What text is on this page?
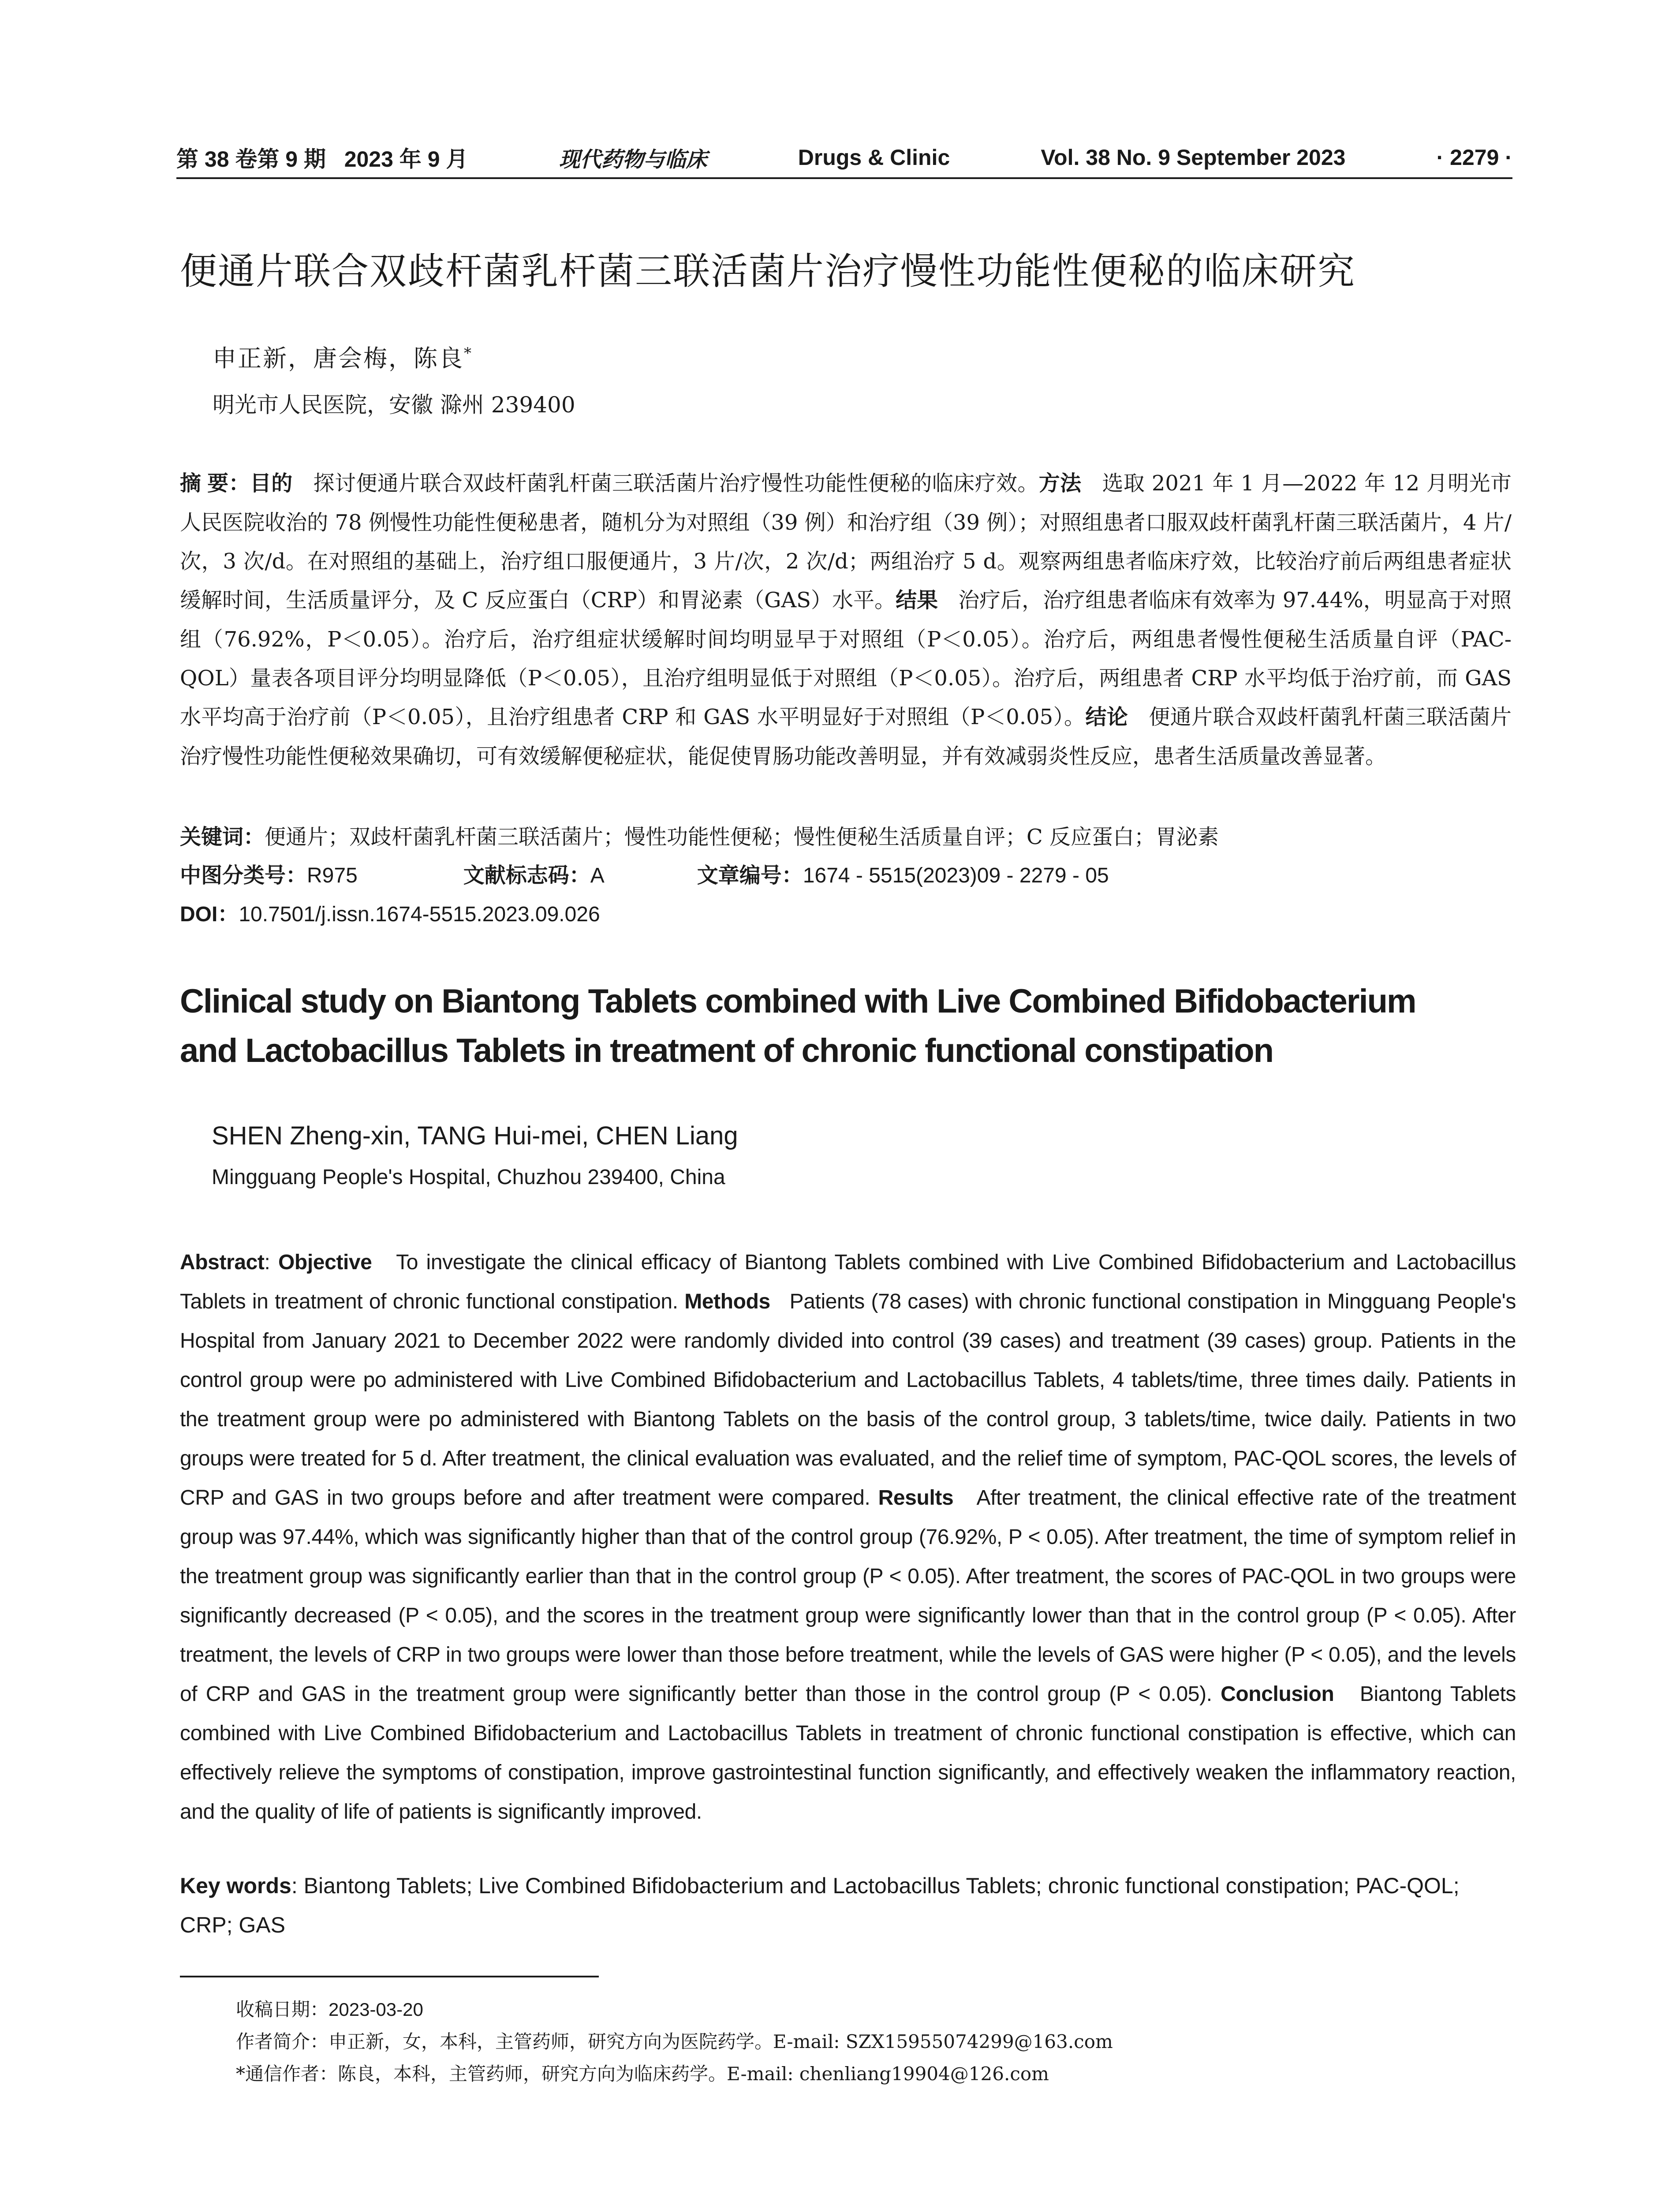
第 38 卷第 9 期 2023 年 9 月	现代药物与临床	Drugs & Clinic	Vol. 38 No. 9 September 2023	· 2279 ·
便通片联合双歧杆菌乳杆菌三联活菌片治疗慢性功能性便秘的临床研究
申正新，唐会梅，陈良*
明光市人民医院，安徽 滁州 239400

摘 要：目的 探讨便通片联合双歧杆菌乳杆菌三联活菌片治疗慢性功能性便秘的临床疗效。方法 选取 2021 年 1 月—2022 年 12 月明光市人民医院收治的 78 例慢性功能性便秘患者，随机分为对照组（39 例）和治疗组（39 例）；对照组患者口服双歧杆菌乳杆菌三联活菌片，4 片/次，3 次/d。在对照组的基础上，治疗组口服便通片，3 片/次，2 次/d；两组治疗 5 d。观察两组患者临床疗效，比较治疗前后两组患者症状缓解时间，生活质量评分，及 C 反应蛋白（CRP）和胃泌素（GAS）水平。结果 治疗后，治疗组患者临床有效率为 97.44%，明显高于对照组（76.92%，P＜0.05）。治疗后，治疗组症状缓解时间均明显早于对照组（P＜0.05）。治疗后，两组患者慢性便秘生活质量自评（PAC-QOL）量表各项目评分均明显降低（P＜0.05），且治疗组明显低于对照组（P＜0.05）。治疗后，两组患者 CRP 水平均低于治疗前，而 GAS 水平均高于治疗前（P＜0.05），且治疗组患者 CRP 和 GAS 水平明显好于对照组（P＜0.05）。结论 便通片联合双歧杆菌乳杆菌三联活菌片治疗慢性功能性便秘效果确切，可有效缓解便秘症状，能促使胃肠功能改善明显，并有效减弱炎性反应，患者生活质量改善显著。

关键词：便通片；双歧杆菌乳杆菌三联活菌片；慢性功能性便秘；慢性便秘生活质量自评；C 反应蛋白；胃泌素
中图分类号：R975	文献标志码：A	文章编号：1674 - 5515(2023)09 - 2279 - 05
DOI：10.7501/j.issn.1674-5515.2023.09.026
Clinical study on Biantong Tablets combined with Live Combined Bifidobacterium
and Lactobacillus Tablets in treatment of chronic functional constipation
SHEN Zheng-xin, TANG Hui-mei, CHEN Liang
Mingguang People's Hospital, Chuzhou 239400, China

Abstract: Objective To investigate the clinical efficacy of Biantong Tablets combined with Live Combined Bifidobacterium and Lactobacillus Tablets in treatment of chronic functional constipation. Methods Patients (78 cases) with chronic functional constipation in Mingguang People's Hospital from January 2021 to December 2022 were randomly divided into control (39 cases) and treatment (39 cases) group. Patients in the control group were po administered with Live Combined Bifidobacterium and Lactobacillus Tablets, 4 tablets/time, three times daily. Patients in the treatment group were po administered with Biantong Tablets on the basis of the control group, 3 tablets/time, twice daily. Patients in two groups were treated for 5 d. After treatment, the clinical evaluation was evaluated, and the relief time of symptom, PAC-QOL scores, the levels of CRP and GAS in two groups before and after treatment were compared. Results After treatment, the clinical effective rate of the treatment group was 97.44%, which was significantly higher than that of the control group (76.92%, P < 0.05). After treatment, the time of symptom relief in the treatment group was significantly earlier than that in the control group (P < 0.05). After treatment, the scores of PAC-QOL in two groups were significantly decreased (P < 0.05), and the scores in the treatment group were significantly lower than that in the control group (P < 0.05). After treatment, the levels of CRP in two groups were lower than those before treatment, while the levels of GAS were higher (P < 0.05), and the levels of CRP and GAS in the treatment group were significantly better than those in the control group (P < 0.05). Conclusion Biantong Tablets combined with Live Combined Bifidobacterium and Lactobacillus Tablets in treatment of chronic functional constipation is effective, which can effectively relieve the symptoms of constipation, improve gastrointestinal function significantly, and effectively weaken the inflammatory reaction, and the quality of life of patients is significantly improved.

Key words: Biantong Tablets; Live Combined Bifidobacterium and Lactobacillus Tablets; chronic functional constipation; PAC-QOL; CRP; GAS

收稿日期：2023-03-20
作者简介：申正新，女，本科，主管药师，研究方向为医院药学。E-mail: SZX15955074299@163.com
*通信作者：陈良，本科，主管药师，研究方向为临床药学。E-mail: chenliang19904@126.com
